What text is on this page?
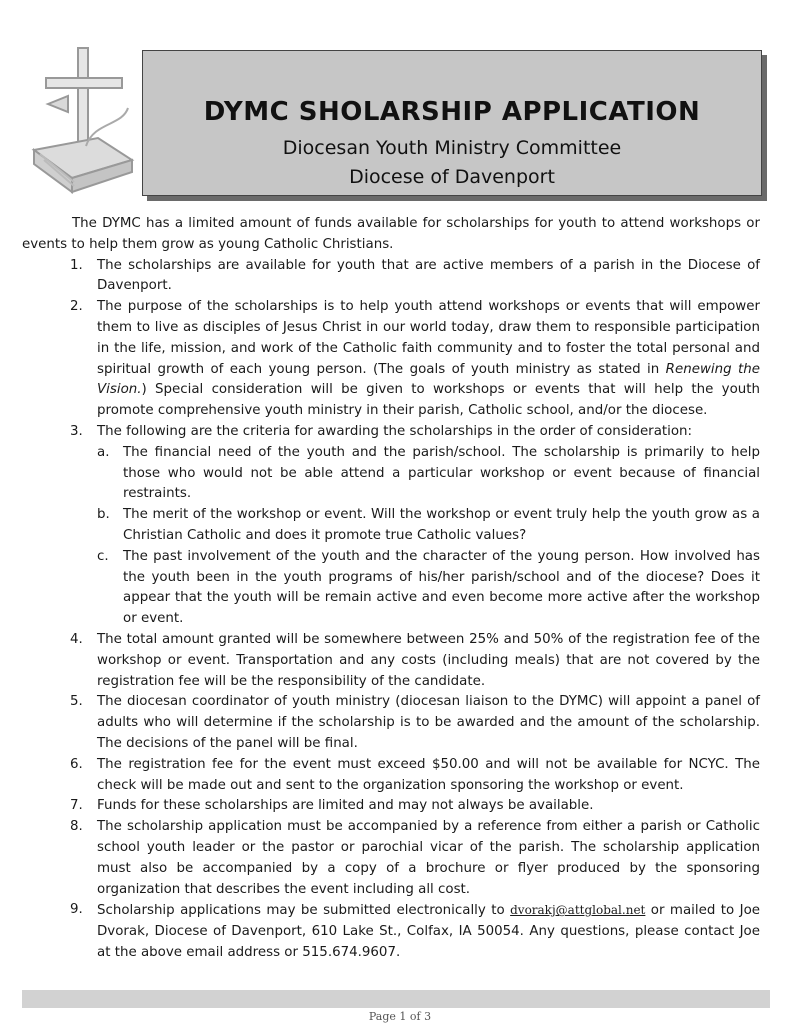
DYMC SHOLARSHIP APPLICATION
Diocesan Youth Ministry Committee
Diocese of Davenport

The DYMC has a limited amount of funds available for scholarships for youth to attend workshops or events to help them grow as young Catholic Christians.

1. The scholarships are available for youth that are active members of a parish in the Diocese of Davenport.
2. The purpose of the scholarships is to help youth attend workshops or events that will empower them to live as disciples of Jesus Christ in our world today, draw them to responsible participation in the life, mission, and work of the Catholic faith community and to foster the total personal and spiritual growth of each young person. (The goals of youth ministry as stated in Renewing the Vision.) Special consideration will be given to workshops or events that will help the youth promote comprehensive youth ministry in their parish, Catholic school, and/or the diocese.
3. The following are the criteria for awarding the scholarships in the order of consideration:
a. The financial need of the youth and the parish/school. The scholarship is primarily to help those who would not be able attend a particular workshop or event because of financial restraints.
b. The merit of the workshop or event. Will the workshop or event truly help the youth grow as a Christian Catholic and does it promote true Catholic values?
c. The past involvement of the youth and the character of the young person. How involved has the youth been in the youth programs of his/her parish/school and of the diocese? Does it appear that the youth will be remain active and even become more active after the workshop or event.
4. The total amount granted will be somewhere between 25% and 50% of the registration fee of the workshop or event. Transportation and any costs (including meals) that are not covered by the registration fee will be the responsibility of the candidate.
5. The diocesan coordinator of youth ministry (diocesan liaison to the DYMC) will appoint a panel of adults who will determine if the scholarship is to be awarded and the amount of the scholarship. The decisions of the panel will be final.
6. The registration fee for the event must exceed $50.00 and will not be available for NCYC. The check will be made out and sent to the organization sponsoring the workshop or event.
7. Funds for these scholarships are limited and may not always be available.
8. The scholarship application must be accompanied by a reference from either a parish or Catholic school youth leader or the pastor or parochial vicar of the parish. The scholarship application must also be accompanied by a copy of a brochure or flyer produced by the sponsoring organization that describes the event including all cost.
9. Scholarship applications may be submitted electronically to dvorakj@attglobal.net or mailed to Joe Dvorak, Diocese of Davenport, 610 Lake St., Colfax, IA 50054. Any questions, please contact Joe at the above email address or 515.674.9607.
Page 1 of 3
